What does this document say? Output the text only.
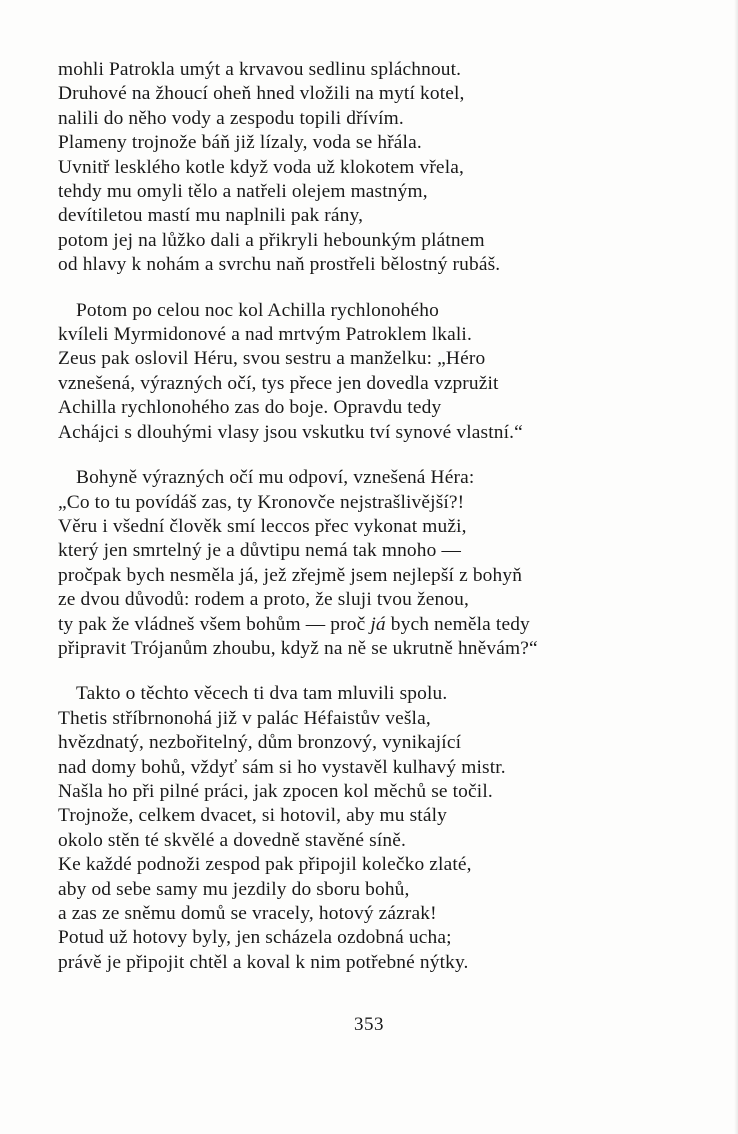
mohli Patrokla umýt a krvavou sedlinu spláchnout.
Druhové na žhoucí oheň hned vložili na mytí kotel,
nalili do něho vody a zespodu topili dřívím.
Plameny trojnože báň již lízaly, voda se hřála.
Uvnitř lesklého kotle když voda už klokotem vřela,
tehdy mu omyli tělo a natřeli olejem mastným,
devítiletou mastí mu naplnili pak rány,
potom jej na lůžko dali a přikryli hebounkým plátnem
od hlavy k nohám a svrchu naň prostřeli bělostný rubáš.
Potom po celou noc kol Achilla rychlonohého
kvíleli Myrmidonové a nad mrtvým Patroklem lkali.
Zeus pak oslovil Héru, svou sestru a manželku: „Héro
vznešená, výrazných očí, tys přece jen dovedla vzpružit
Achilla rychlonohého zas do boje. Opravdu tedy
Achájci s dlouhými vlasy jsou vskutku tví synové vlastní.“
Bohyně výrazných očí mu odpoví, vznešená Héra:
„Co to tu povídáš zas, ty Kronovče nejstrašlivější?!
Věru i všední člověk smí leccos přec vykonat muži,
který jen smrtelný je a důvtipu nemá tak mnoho —
pročpak bych nesměla já, jež zřejmě jsem nejlepší z bohyň
ze dvou důvodů: rodem a proto, že sluji tvou ženou,
ty pak že vládneš všem bohům — proč já bych neměla tedy
připravit Trójanům zhoubu, když na ně se ukrutně hněvám?“
Takto o těchto věcech ti dva tam mluvili spolu.
Thetis stříbrnonohá již v palác Héfaistův vešla,
hvězdnatý, nezbořitelný, dům bronzový, vynikající
nad domy bohů, vždyť sám si ho vystavěl kulhavý mistr.
Našla ho při pilné práci, jak zpocen kol měchů se točil.
Trojnože, celkem dvacet, si hotovil, aby mu stály
okolo stěn té skvělé a dovedně stavěné síně.
Ke každé podnoži zespod pak připojil kolečko zlaté,
aby od sebe samy mu jezdily do sboru bohů,
a zas ze sněmu domů se vracely, hotový zázrak!
Potud už hotovy byly, jen scházela ozdobná ucha;
právě je připojit chtěl a koval k nim potřebné nýtky.
353
